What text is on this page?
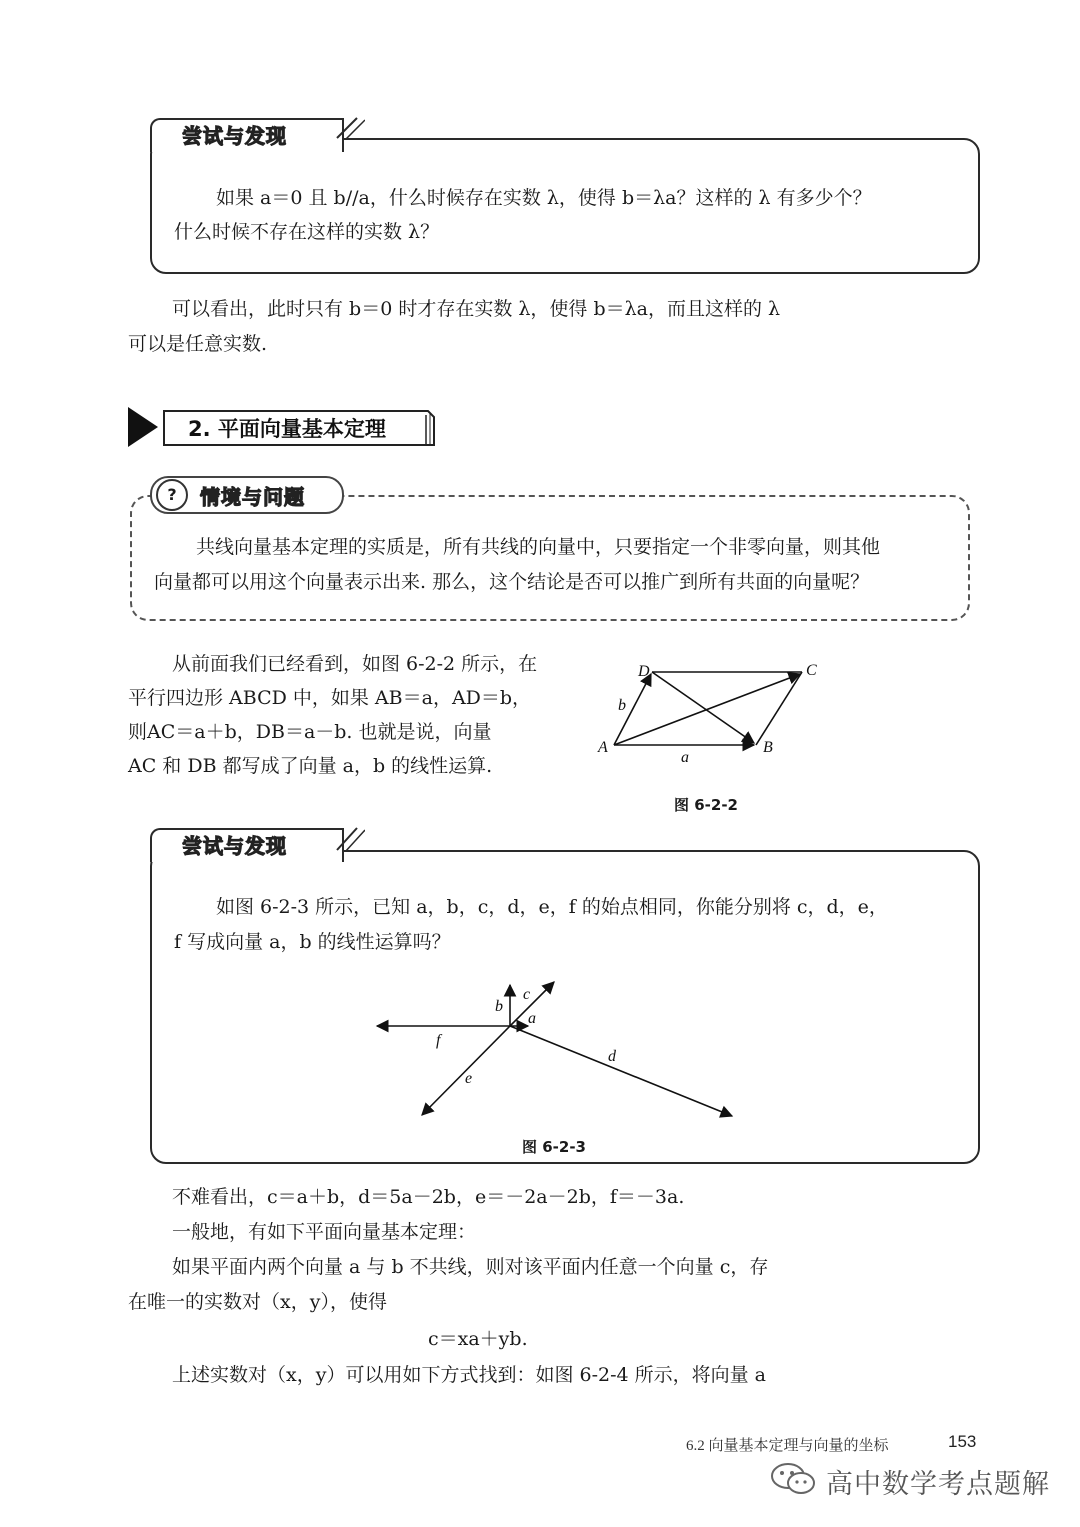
尝试与发现
如果 a＝0 且 b//a，什么时候存在实数 λ，使得 b＝λa？这样的 λ 有多少个？
什么时候不存在这样的实数 λ？
可以看出，此时只有 b＝0 时才存在实数 λ，使得 b＝λa，而且这样的 λ
可以是任意实数.
2. 平面向量基本定理
?	情境与问题
共线向量基本定理的实质是，所有共线的向量中，只要指定一个非零向量，则其他
向量都可以用这个向量表示出来. 那么，这个结论是否可以推广到所有共面的向量呢？
从前面我们已经看到，如图 6-2-2 所示，在
平行四边形 ABCD 中，如果 AB＝a，AD＝b，
则AC＝a＋b，DB＝a－b. 也就是说，向量
AC 和 DB 都写成了向量 a，b 的线性运算.
D	C
A	B
b
a
图 6-2-2
尝试与发现
如图 6-2-3 所示，已知 a，b，c，d，e，f 的始点相同，你能分别将 c，d，e，
f 写成向量 a，b 的线性运算吗？
b
c
a
f
d
e
图 6-2-3
不难看出，c＝a＋b，d＝5a－2b，e＝－2a－2b，f＝－3a.
一般地，有如下平面向量基本定理：
如果平面内两个向量 a 与 b 不共线，则对该平面内任意一个向量 c，存
在唯一的实数对（x，y），使得
c＝xa＋yb.
上述实数对（x，y）可以用如下方式找到：如图 6-2-4 所示，将向量 a
6.2 向量基本定理与向量的坐标	153
高中数学考点题解
